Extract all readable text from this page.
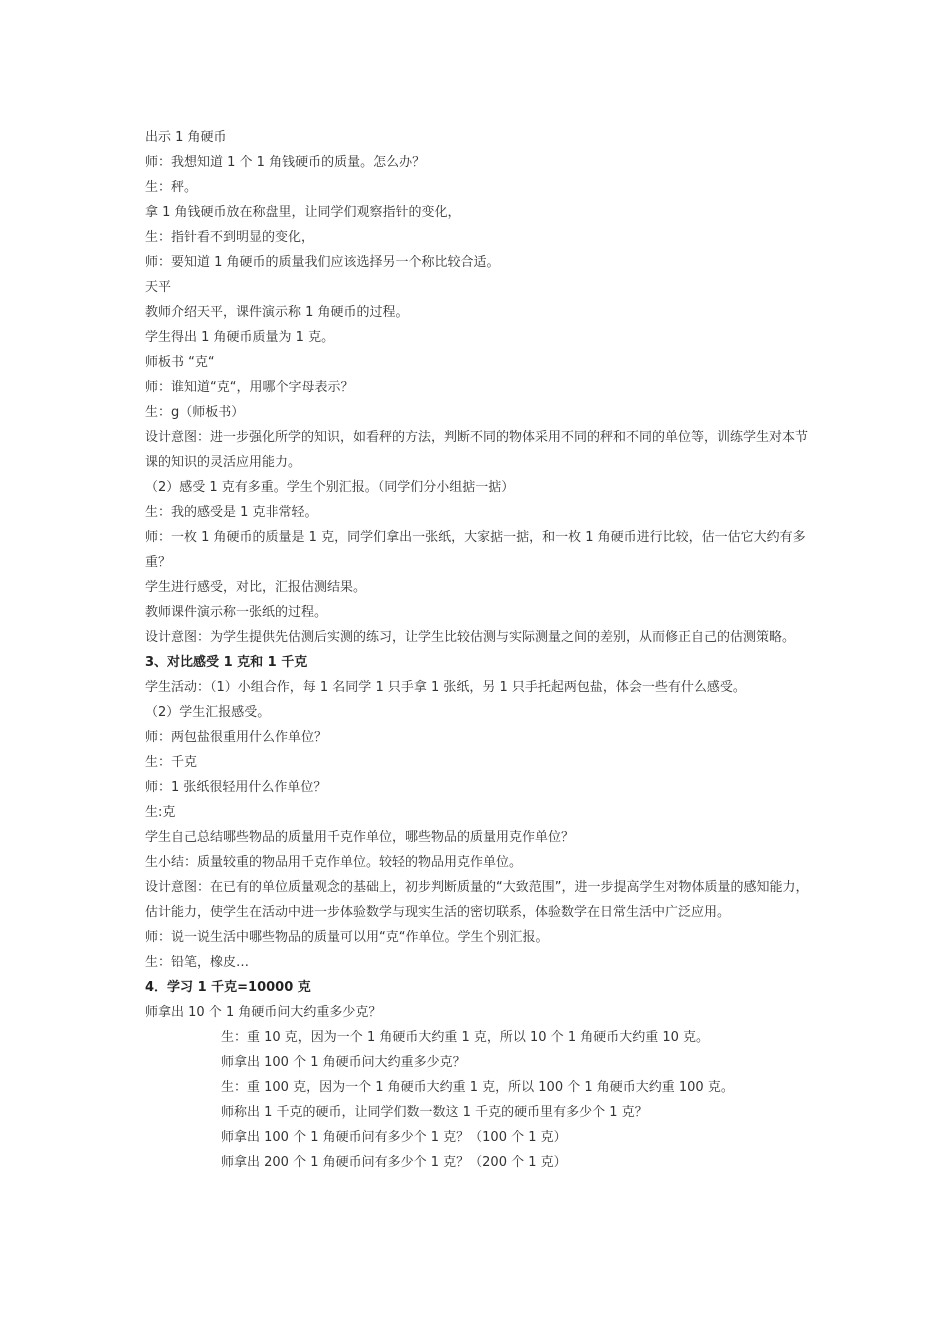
出示 1 角硬币

师：我想知道 1 个 1 角钱硬币的质量。怎么办？

生：秤。

拿 1 角钱硬币放在称盘里，让同学们观察指针的变化，

生：指针看不到明显的变化，

师：要知道 1 角硬币的质量我们应该选择另一个称比较合适。

天平

教师介绍天平，课件演示称 1 角硬币的过程。

学生得出 1 角硬币质量为 1 克。

师板书 “克“

师：谁知道“克“，用哪个字母表示？

生：g（师板书）

设计意图：进一步强化所学的知识，如看秤的方法，判断不同的物体采用不同的秤和不同的单位等，训练学生对本节课的知识的灵活应用能力。

（2）感受 1 克有多重。学生个别汇报。（同学们分小组掂一掂）

生：我的感受是 1 克非常轻。

师：一枚 1 角硬币的质量是 1 克，同学们拿出一张纸，大家掂一掂，和一枚 1 角硬币进行比较，估一估它大约有多重？

学生进行感受，对比，汇报估测结果。

教师课件演示称一张纸的过程。

设计意图：为学生提供先估测后实测的练习，让学生比较估测与实际测量之间的差别，从而修正自己的估测策略。

3、对比感受 1 克和 1 千克

学生活动：（1）小组合作，每 1 名同学 1 只手拿 1 张纸，另 1 只手托起两包盐，体会一些有什么感受。

（2）学生汇报感受。

师：两包盐很重用什么作单位？

生：千克

师：1 张纸很轻用什么作单位？

生:克

学生自己总结哪些物品的质量用千克作单位，哪些物品的质量用克作单位？

生小结：质量较重的物品用千克作单位。较轻的物品用克作单位。

设计意图：在已有的单位质量观念的基础上，初步判断质量的“大致范围”，进一步提高学生对物体质量的感知能力，估计能力，使学生在活动中进一步体验数学与现实生活的密切联系，体验数学在日常生活中广泛应用。

师：说一说生活中哪些物品的质量可以用“克“作单位。学生个别汇报。

生：铅笔，橡皮…

4．学习 1 千克=10000 克

师拿出 10 个 1 角硬币问大约重多少克？

生：重 10 克，因为一个 1 角硬币大约重 1 克，所以 10 个 1 角硬币大约重 10 克。

师拿出 100 个 1 角硬币问大约重多少克？

生：重 100 克，因为一个 1 角硬币大约重 1 克，所以 100 个 1 角硬币大约重 100 克。

师称出 1 千克的硬币，让同学们数一数这 1 千克的硬币里有多少个 1 克？

师拿出 100 个 1 角硬币问有多少个 1 克？（100 个 1 克）

师拿出 200 个 1 角硬币问有多少个 1 克？（200 个 1 克）
